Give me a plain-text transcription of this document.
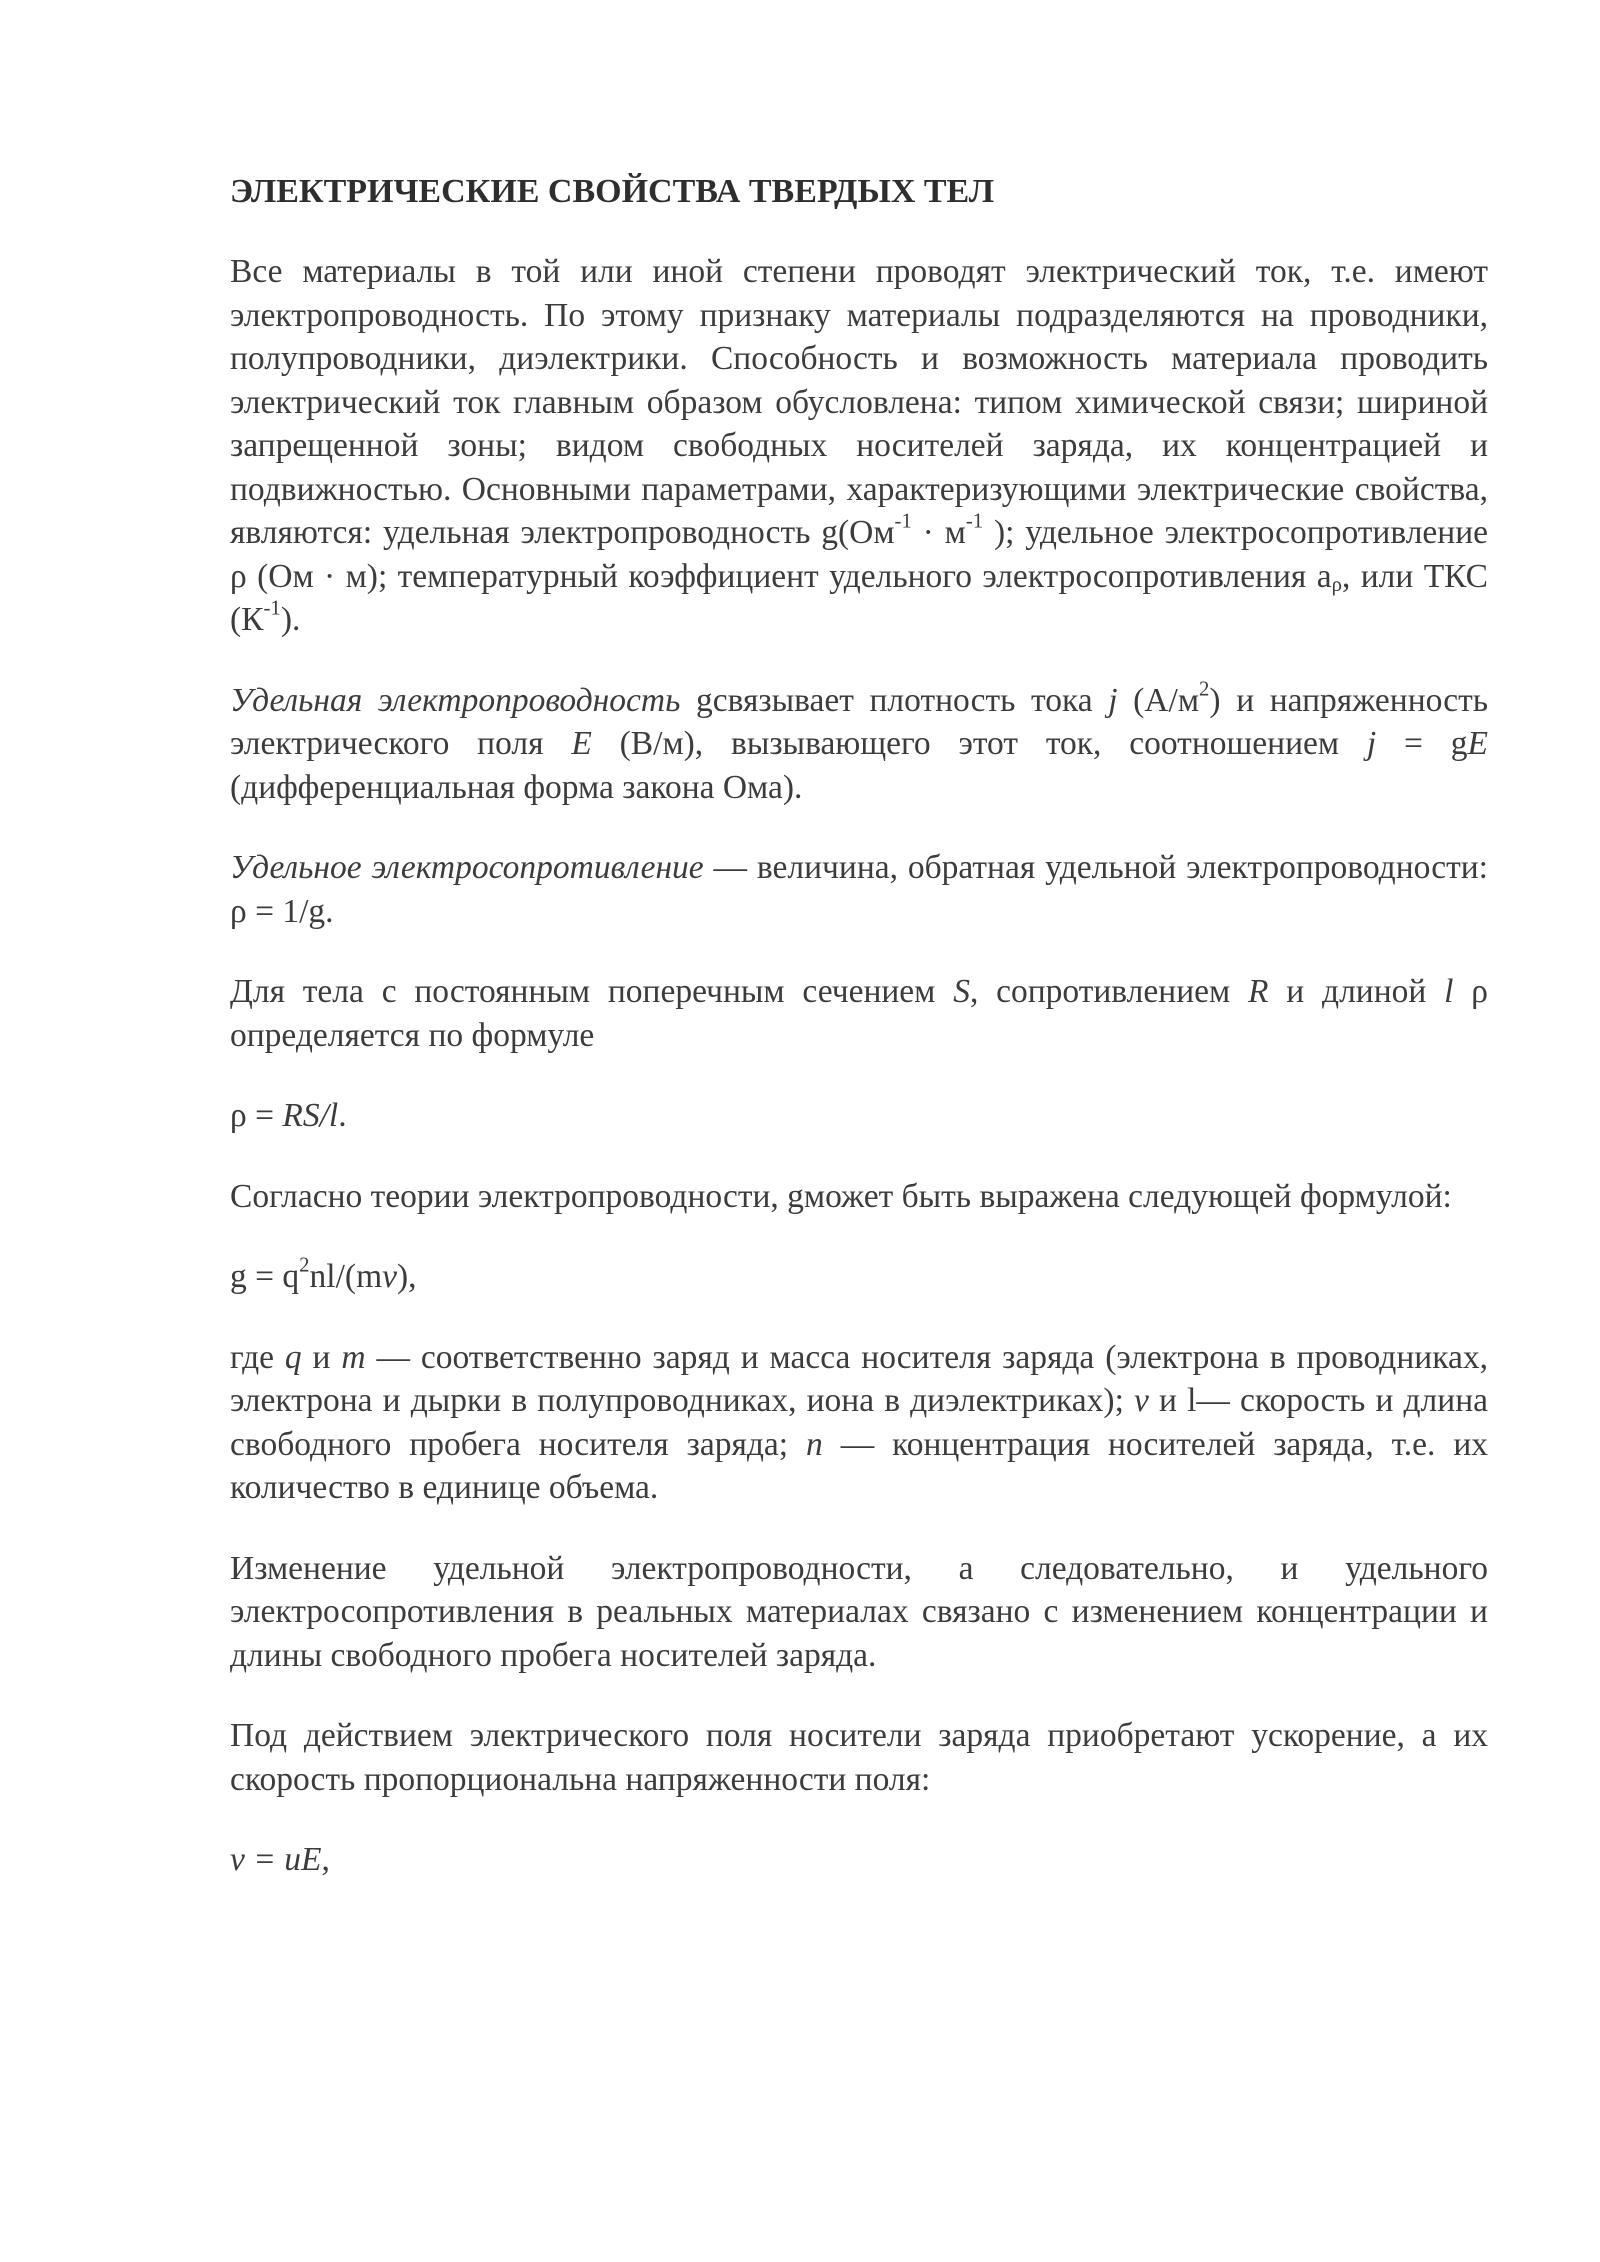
ЭЛЕКТРИЧЕСКИЕ СВОЙСТВА ТВЕРДЫХ ТЕЛ

Все материалы в той или иной степени проводят электрический ток, т.е. имеют электропроводность. По этому признаку материалы подразделяются на проводники, полупроводники, диэлектрики. Способность и возможность материала проводить электрический ток главным образом обусловлена: типом химической связи; шириной запрещенной зоны; видом свободных носителей заряда, их концентрацией и подвижностью. Основными параметрами, характеризующими электрические свойства, являются: удельная электропроводность $g(Ом^{-1} \cdot м^{-1}$ ); удельное электросопротивление ρ (Ом · м); температурный коэффициент удельного электросопротивления $a_\rho$, или ТКС $(К^{-1})$.

Удельная электропроводность gсвязывает плотность тока j $(А/м^2)$ и напряженность электрического поля E (В/м), вызывающего этот ток, соотношением j = gE (дифференциальная форма закона Ома).

Удельное электросопротивление — величина, обратная удельной электропроводности: ρ = 1/g.

Для тела с постоянным поперечным сечением S, сопротивлением R и длиной l ρ определяется по формуле

ρ = RS/l.

Согласно теории электропроводности, gможет быть выражена следующей формулой:

$g = q^2nl/(mv)$,

где q и m — соответственно заряд и масса носителя заряда (электрона в проводниках, электрона и дырки в полупроводниках, иона в диэлектриках); v и l— скорость и длина свободного пробега носителя заряда; n — концентрация носителей заряда, т.е. их количество в единице объема.

Изменение удельной электропроводности, а следовательно, и удельного электросопротивления в реальных материалах связано с изменением концентрации и длины свободного пробега носителей заряда.

Под действием электрического поля носители заряда приобретают ускорение, а их скорость пропорциональна напряженности поля:

v = uE,
